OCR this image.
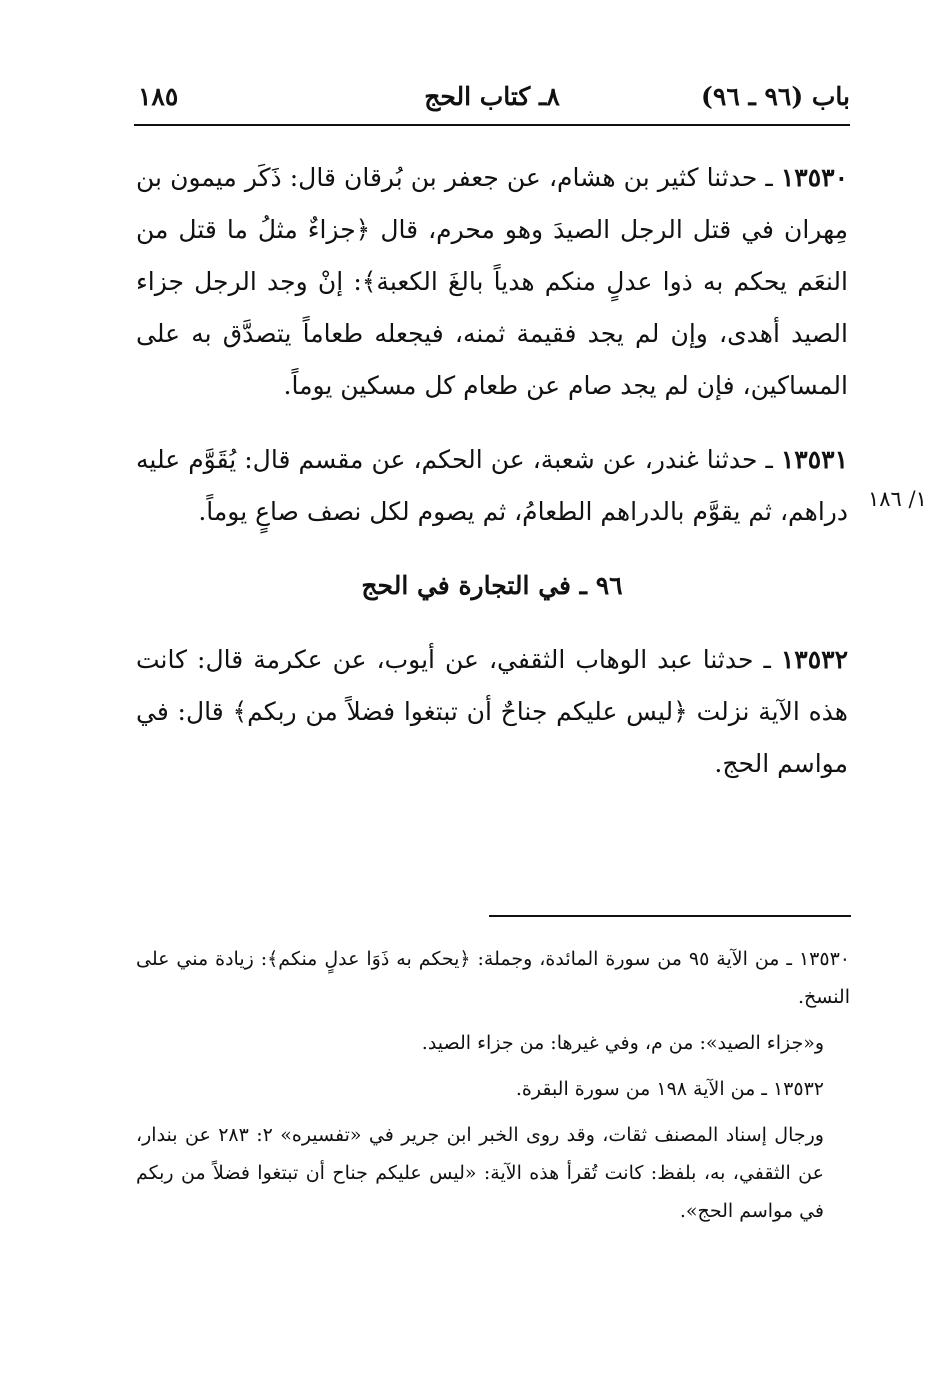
باب (٩٦ ـ ٩٦)
٨ـ كتاب الحج
١٨٥
١/ ١٨٦

١٣٥٣٠ ـ حدثنا كثير بن هشام، عن جعفر بن بُرقان قال: ذَكَر ميمون بن مِهران في قتل الرجل الصيدَ وهو محرم، قال ﴿جزاءٌ مثلُ ما قتل من النعَم يحكم به ذوا عدلٍ منكم هدياً بالغَ الكعبة﴾: إنْ وجد الرجل جزاء الصيد أهدى، وإن لم يجد فقيمة ثمنه، فيجعله طعاماً يتصدَّق به على المساكين، فإن لم يجد صام عن طعام كل مسكين يوماً.

١٣٥٣١ ـ حدثنا غندر، عن شعبة، عن الحكم، عن مقسم قال: يُقَوَّم عليه دراهم، ثم يقوَّم بالدراهم الطعامُ، ثم يصوم لكل نصف صاعٍ يوماً.

٩٦ ـ في التجارة في الحج

١٣٥٣٢ ـ حدثنا عبد الوهاب الثقفي، عن أيوب، عن عكرمة قال: كانت هذه الآية نزلت ﴿ليس عليكم جناحٌ أن تبتغوا فضلاً من ربكم﴾ قال: في مواسم الحج.

١٣٥٣٠ ـ من الآية ٩٥ من سورة المائدة، وجملة: ﴿يحكم به ذَوَا عدلٍ منكم﴾: زيادة مني على النسخ.

و«جزاء الصيد»: من م، وفي غيرها: من جزاء الصيد.

١٣٥٣٢ ـ من الآية ١٩٨ من سورة البقرة.

ورجال إسناد المصنف ثقات، وقد روى الخبر ابن جرير في «تفسيره» ٢: ٢٨٣ عن بندار، عن الثقفي، به، بلفظ: كانت تُقرأ هذه الآية: «ليس عليكم جناح أن تبتغوا فضلاً من ربكم في مواسم الحج».
